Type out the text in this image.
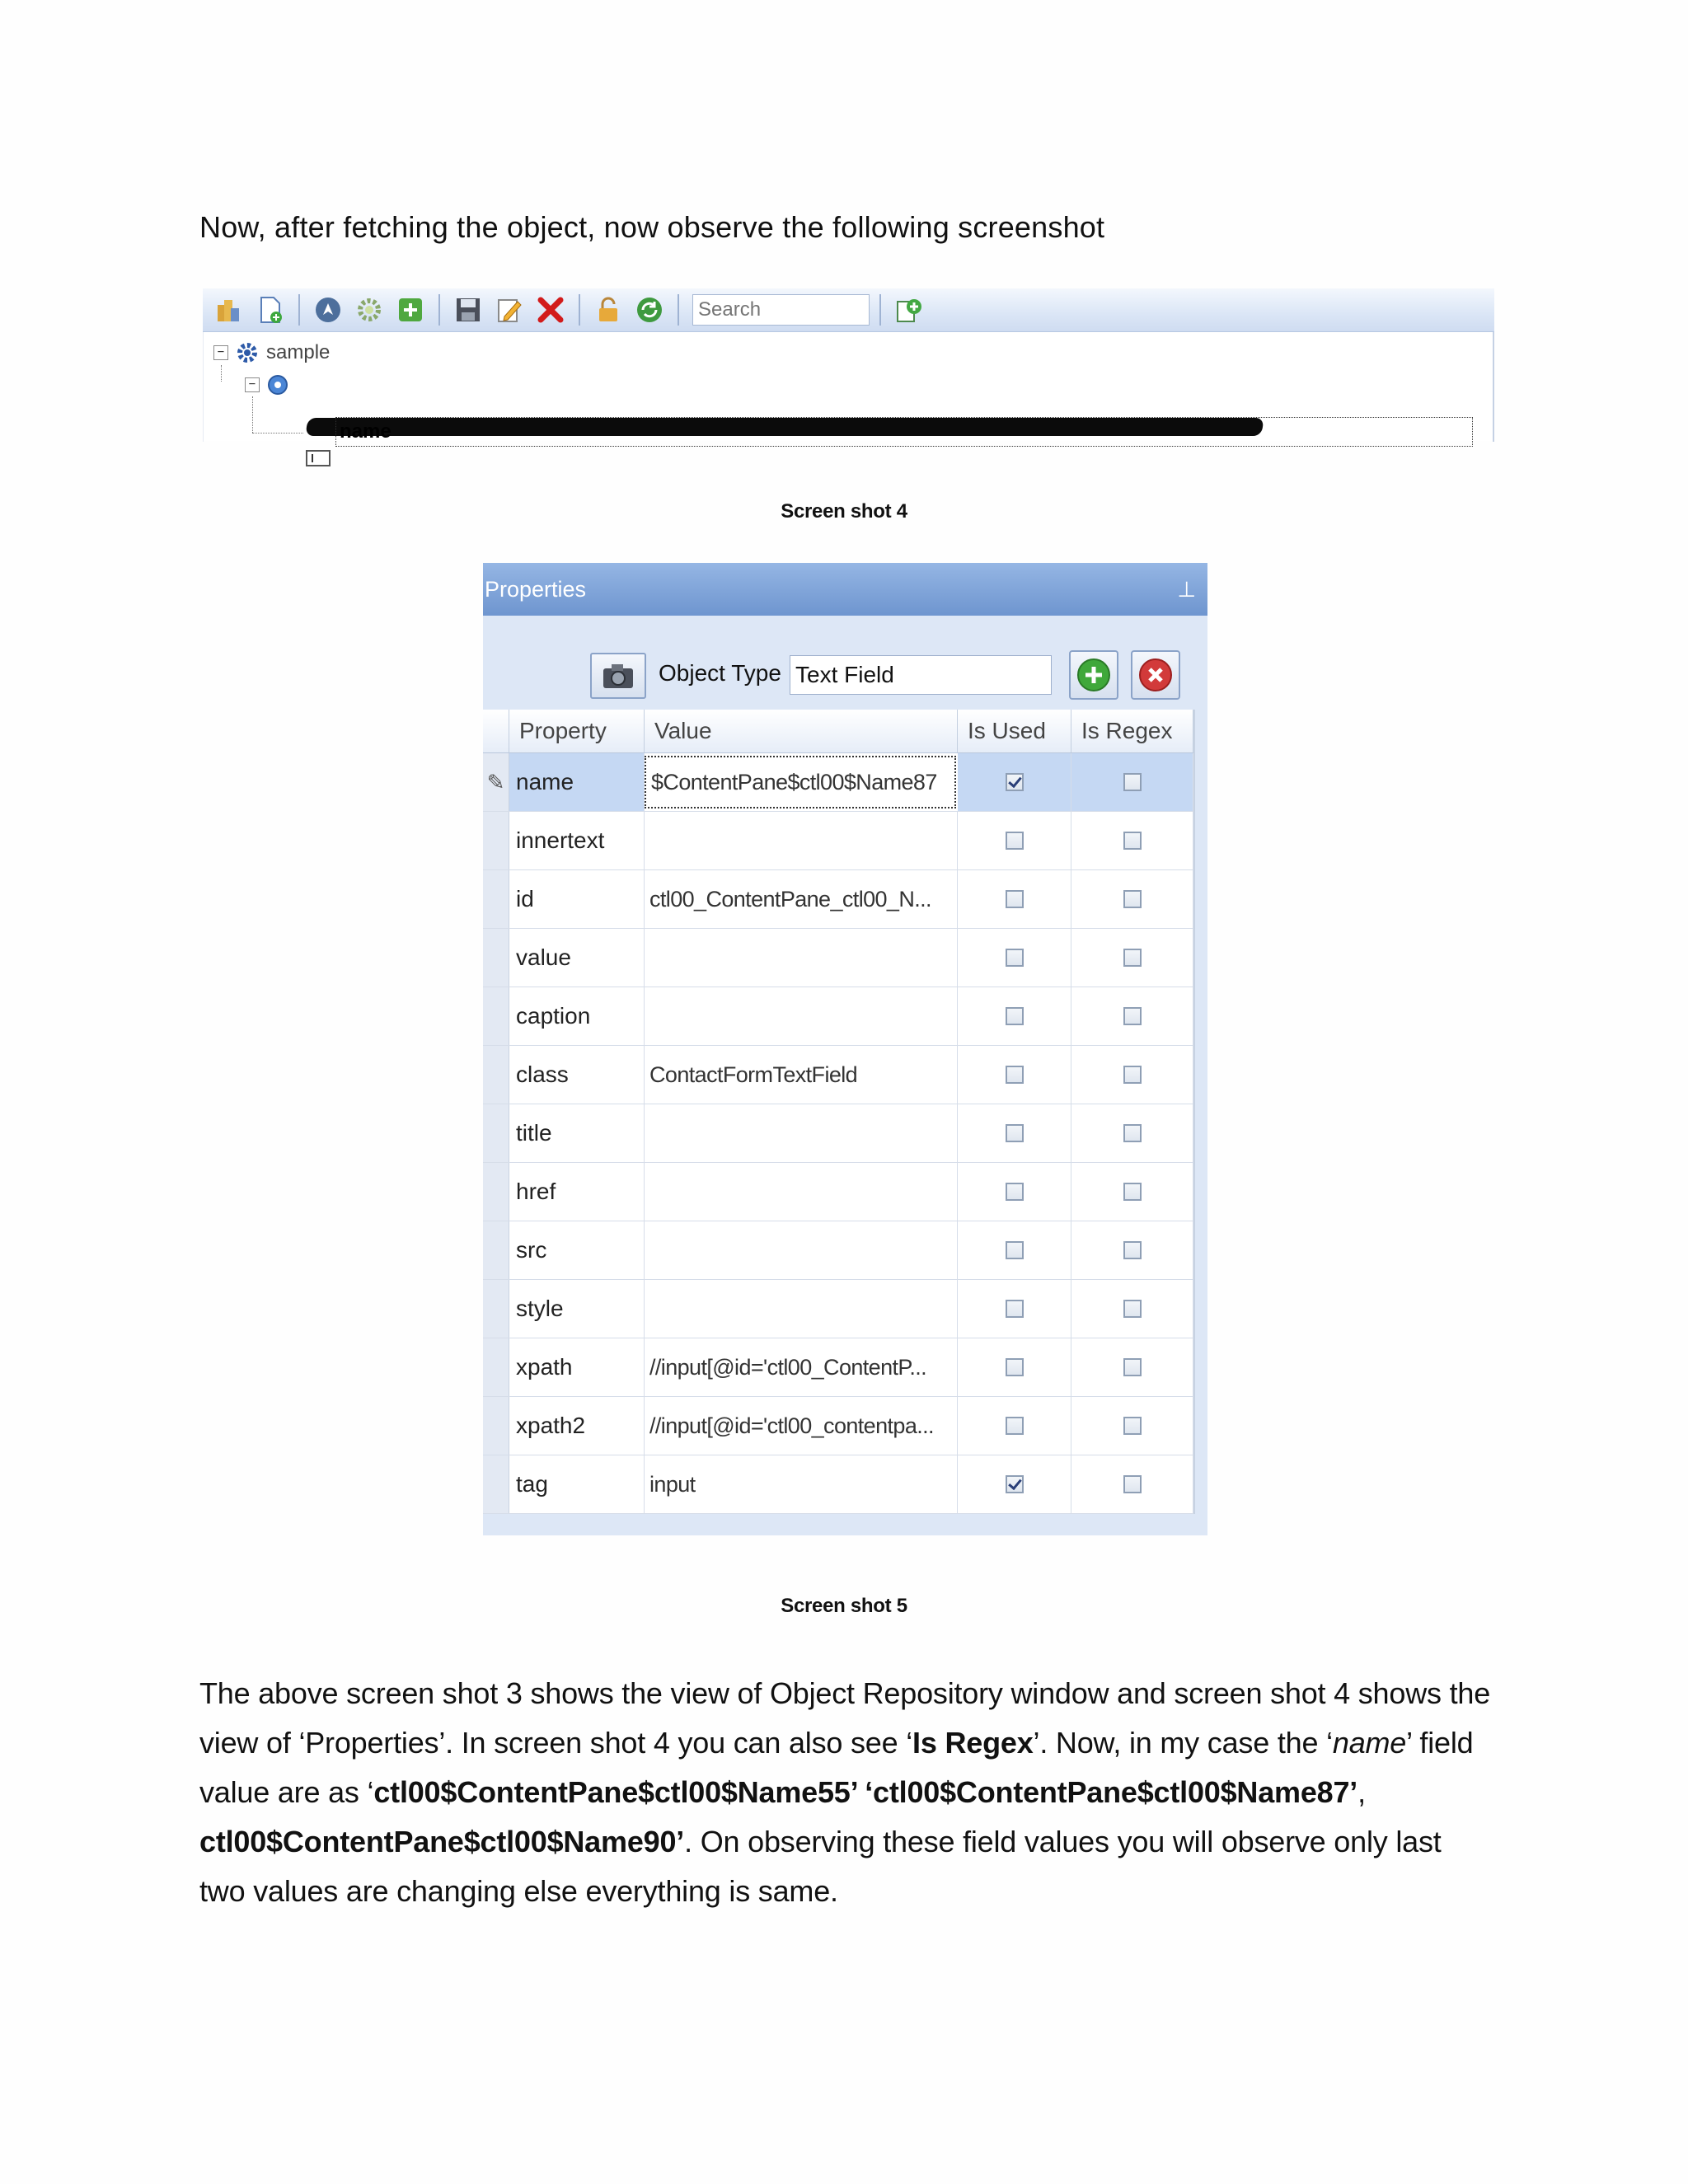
Now, after fetching the object, now observe the following screenshot

Search
− sample
−
name

Screen shot 4

Properties	⊥
Object Type
Text Field
Property	Value	Is Used	Is Regex
✎ name	$ContentPane$ctl00$Name87
innertext
id	ctl00_ContentPane_ctl00_N...
value
caption
class	ContactFormTextField
title
href
src
style
xpath	//input[@id='ctl00_ContentP...
xpath2	//input[@id='ctl00_contentpa...
tag	input

Screen shot 5

The above screen shot 3 shows the view of Object Repository window and screen shot 4 shows the view of ‘Properties’. In screen shot 4 you can also see ‘Is Regex’. Now, in my case the ‘name’ field value are as ‘ctl00$ContentPane$ctl00$Name55’ ‘ctl00$ContentPane$ctl00$Name87’, ctl00$ContentPane$ctl00$Name90’. On observing these field values you will observe only last two values are changing else everything is same.
